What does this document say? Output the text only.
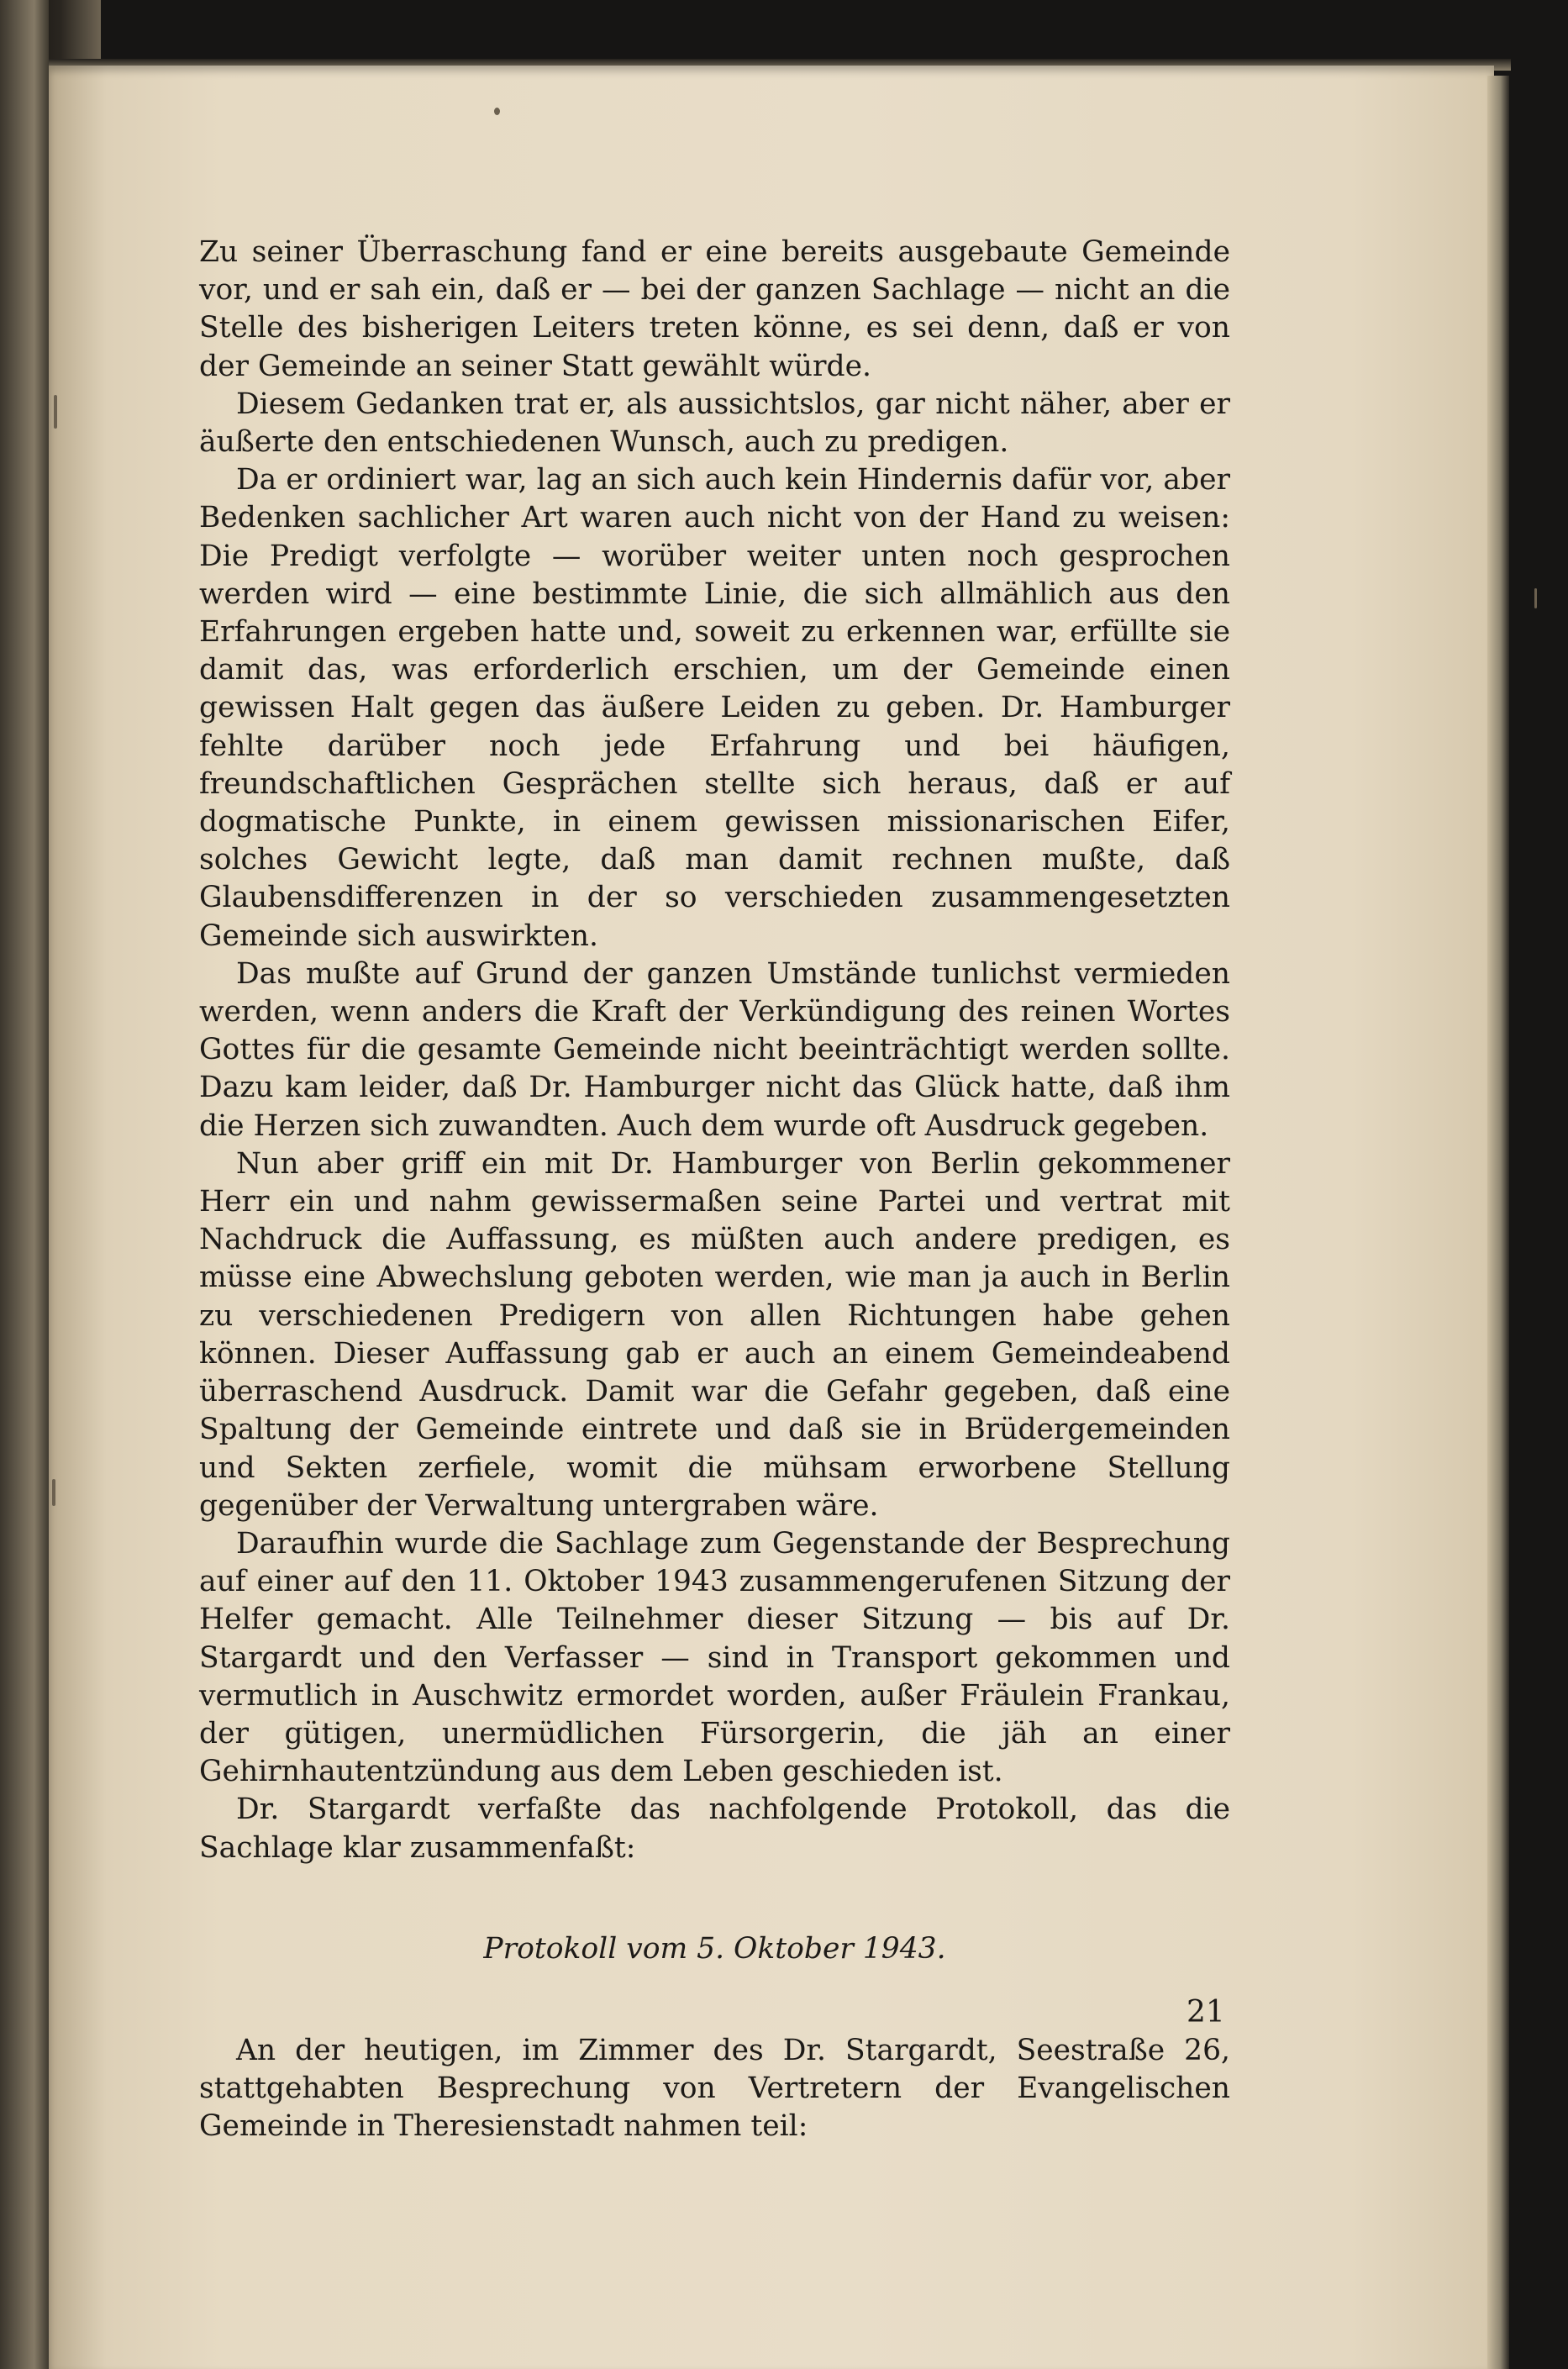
Zu seiner Überraschung fand er eine bereits ausgebaute Gemeinde vor, und er sah ein, daß er — bei der ganzen Sachlage — nicht an die Stelle des bisherigen Leiters treten könne, es sei denn, daß er von der Gemeinde an seiner Statt gewählt würde.

Diesem Gedanken trat er, als aussichtslos, gar nicht näher, aber er äußerte den entschiedenen Wunsch, auch zu predigen.

Da er ordiniert war, lag an sich auch kein Hindernis dafür vor, aber Bedenken sachlicher Art waren auch nicht von der Hand zu weisen: Die Predigt verfolgte — worüber weiter unten noch gesprochen werden wird — eine bestimmte Linie, die sich allmählich aus den Erfahrungen ergeben hatte und, soweit zu erkennen war, erfüllte sie damit das, was erforderlich erschien, um der Gemeinde einen gewissen Halt gegen das äußere Leiden zu geben. Dr. Hamburger fehlte darüber noch jede Erfahrung und bei häufigen, freundschaftlichen Gesprächen stellte sich heraus, daß er auf dogmatische Punkte, in einem gewissen missionarischen Eifer, solches Gewicht legte, daß man damit rechnen mußte, daß Glaubensdifferenzen in der so verschieden zusammengesetzten Gemeinde sich auswirkten.

Das mußte auf Grund der ganzen Umstände tunlichst vermieden werden, wenn anders die Kraft der Verkündigung des reinen Wortes Gottes für die gesamte Gemeinde nicht beeinträchtigt werden sollte. Dazu kam leider, daß Dr. Hamburger nicht das Glück hatte, daß ihm die Herzen sich zuwandten. Auch dem wurde oft Ausdruck gegeben.

Nun aber griff ein mit Dr. Hamburger von Berlin gekommener Herr ein und nahm gewissermaßen seine Partei und vertrat mit Nachdruck die Auffassung, es müßten auch andere predigen, es müsse eine Abwechslung geboten werden, wie man ja auch in Berlin zu verschiedenen Predigern von allen Richtungen habe gehen können. Dieser Auffassung gab er auch an einem Gemeindeabend überraschend Ausdruck. Damit war die Gefahr gegeben, daß eine Spaltung der Gemeinde eintrete und daß sie in Brüdergemeinden und Sekten zerfiele, womit die mühsam erworbene Stellung gegenüber der Verwaltung untergraben wäre.

Daraufhin wurde die Sachlage zum Gegenstande der Besprechung auf einer auf den 11. Oktober 1943 zusammengerufenen Sitzung der Helfer gemacht. Alle Teilnehmer dieser Sitzung — bis auf Dr. Stargardt und den Verfasser — sind in Transport gekommen und vermutlich in Auschwitz ermordet worden, außer Fräulein Frankau, der gütigen, unermüdlichen Fürsorgerin, die jäh an einer Gehirnhautentzündung aus dem Leben geschieden ist.

Dr. Stargardt verfaßte das nachfolgende Protokoll, das die Sachlage klar zusammenfaßt:

Protokoll vom 5. Oktober 1943.

An der heutigen, im Zimmer des Dr. Stargardt, Seestraße 26, stattgehabten Besprechung von Vertretern der Evangelischen Gemeinde in Theresienstadt nahmen teil:

21
